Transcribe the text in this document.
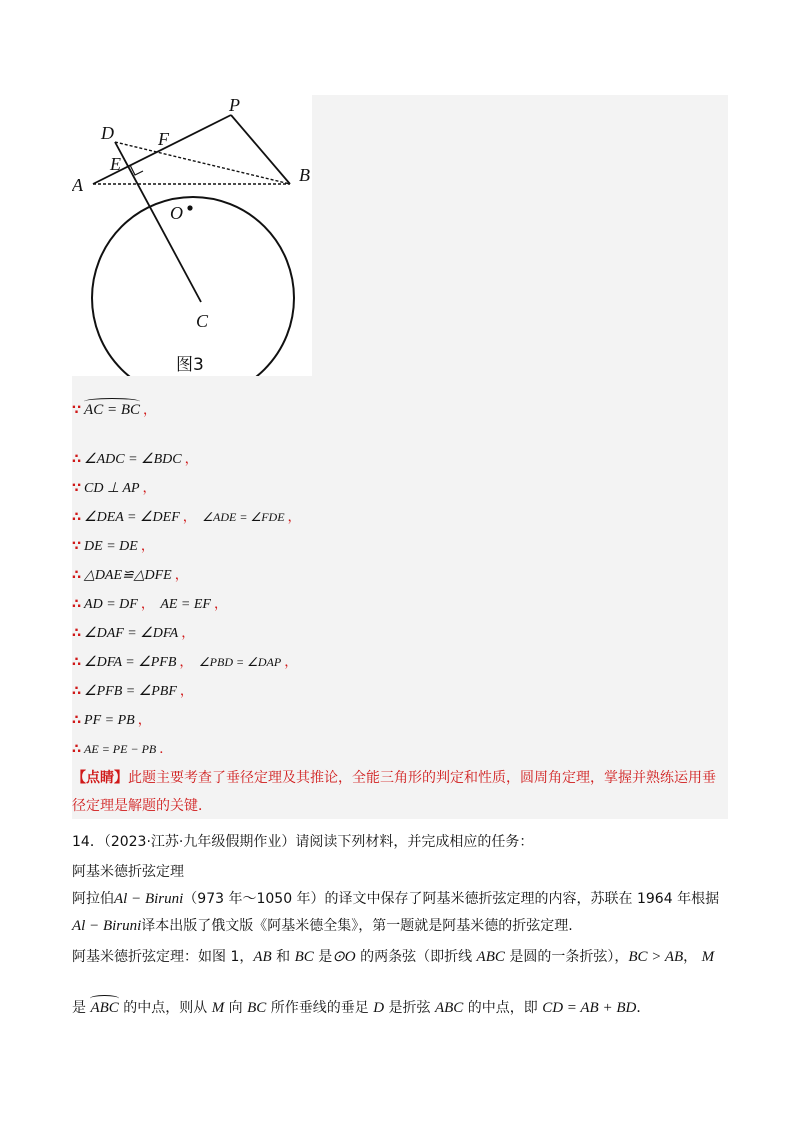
P
D F
E
A	B
O
C
图3
∵ AC = BC ，
∴ ∠ADC = ∠BDC ，
∵ CD ⊥ AP ，
∴ ∠DEA = ∠DEF ， ∠ADE = ∠FDE ，
∵ DE = DE ，
∴ △DAE≌△DFE ，
∴ AD = DF ， AE = EF ，
∴ ∠DAF = ∠DFA ，
∴ ∠DFA = ∠PFB ， ∠PBD = ∠DAP ，
∴ ∠PFB = ∠PBF ，
∴ PF = PB ，
∴ AE = PE − PB ．
【点睛】此题主要考查了垂径定理及其推论，全能三角形的判定和性质，圆周角定理，掌握并熟练运用垂
径定理是解题的关键．
14．（2023·江苏·九年级假期作业）请阅读下列材料，并完成相应的任务：
阿基米德折弦定理
阿拉伯Al − Biruni（973 年～1050 年）的译文中保存了阿基米德折弦定理的内容，苏联在 1964 年根据
Al − Biruni译本出版了俄文版《阿基米德全集》，第一题就是阿基米德的折弦定理.
阿基米德折弦定理：如图 1，AB 和 BC 是⊙O 的两条弦（即折线 ABC 是圆的一条折弦），BC > AB， M
是 ABC 的中点，则从 M 向 BC 所作垂线的垂足 D 是折弦 ABC 的中点，即 CD = AB + BD．
